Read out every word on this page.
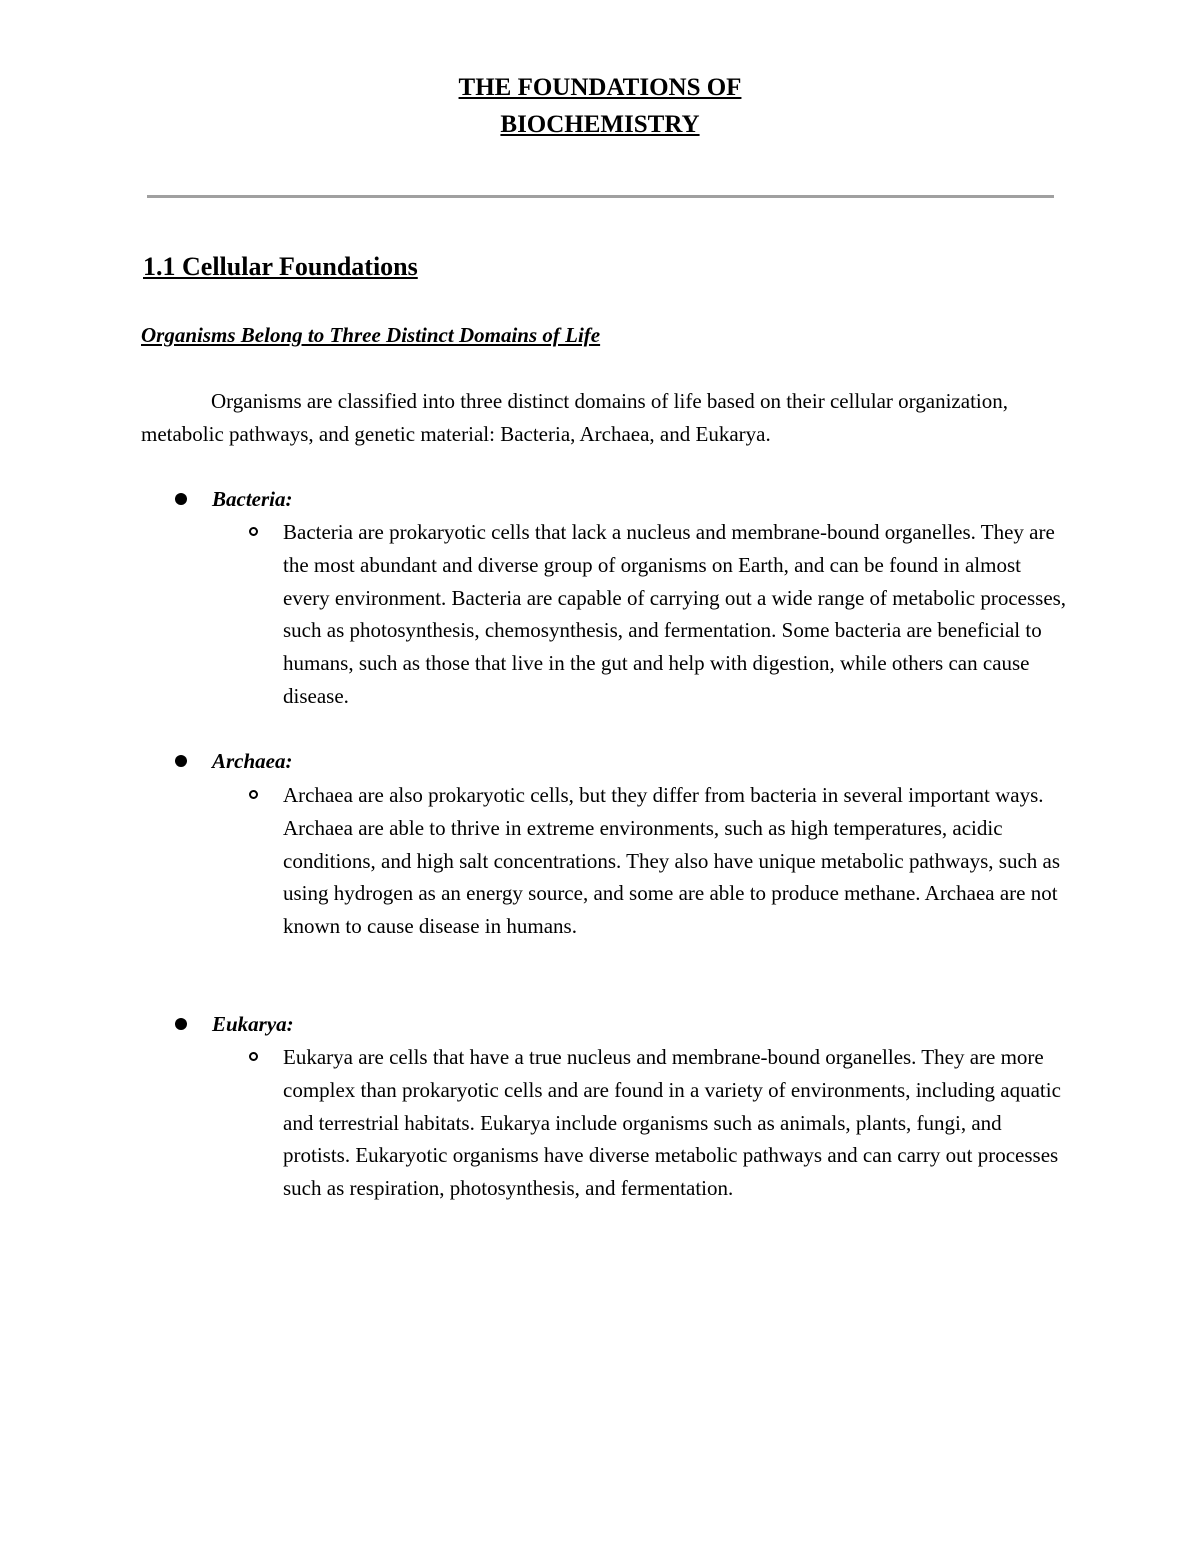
THE FOUNDATIONS OF
BIOCHEMISTRY
1.1 Cellular Foundations
Organisms Belong to Three Distinct Domains of Life

Organisms are classified into three distinct domains of life based on their cellular organization, metabolic pathways, and genetic material: Bacteria, Archaea, and Eukarya.

Bacteria:

Bacteria are prokaryotic cells that lack a nucleus and membrane-bound organelles. They are the most abundant and diverse group of organisms on Earth, and can be found in almost every environment. Bacteria are capable of carrying out a wide range of metabolic processes, such as photosynthesis, chemosynthesis, and fermentation. Some bacteria are beneficial to humans, such as those that live in the gut and help with digestion, while others can cause disease.

Archaea:

Archaea are also prokaryotic cells, but they differ from bacteria in several important ways. Archaea are able to thrive in extreme environments, such as high temperatures, acidic conditions, and high salt concentrations. They also have unique metabolic pathways, such as using hydrogen as an energy source, and some are able to produce methane. Archaea are not known to cause disease in humans.

Eukarya:

Eukarya are cells that have a true nucleus and membrane-bound organelles. They are more complex than prokaryotic cells and are found in a variety of environments, including aquatic and terrestrial habitats. Eukarya include organisms such as animals, plants, fungi, and protists. Eukaryotic organisms have diverse metabolic pathways and can carry out processes such as respiration, photosynthesis, and fermentation.
